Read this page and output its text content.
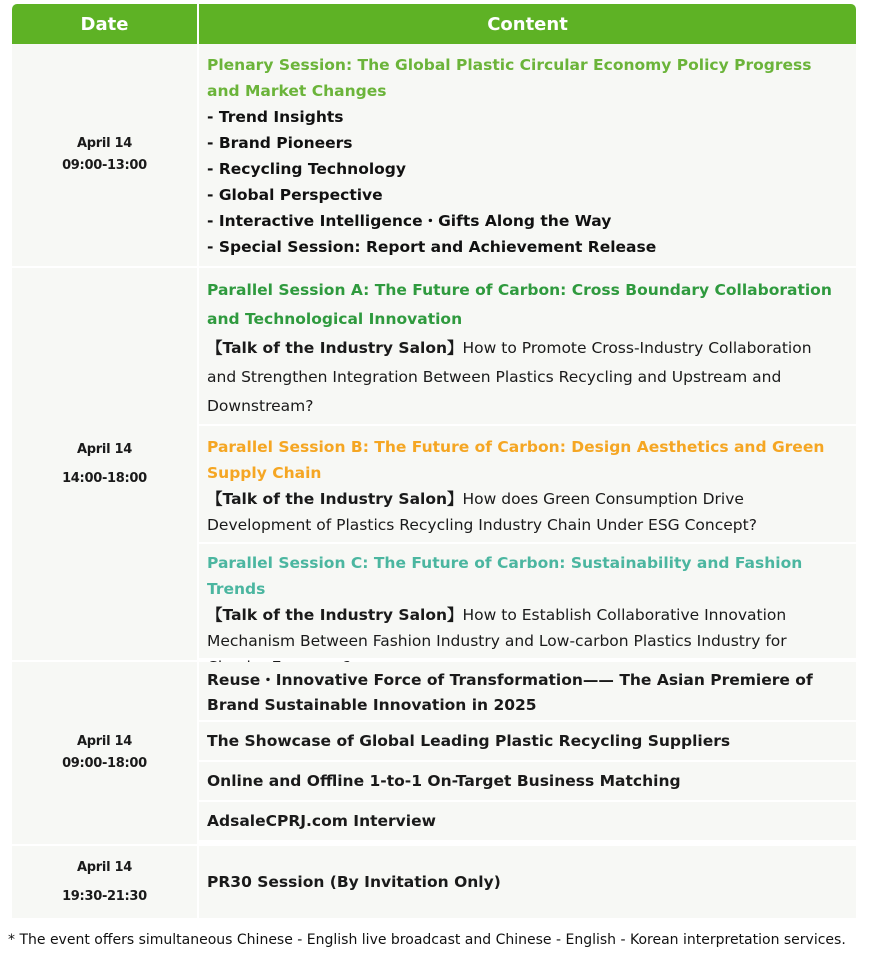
Date	Content
April 14
09:00-13:00
Plenary Session: The Global Plastic Circular Economy Policy Progress and Market Changes
- Trend Insights
- Brand Pioneers
- Recycling Technology
- Global Perspective
- Interactive Intelligence・Gifts Along the Way
- Special Session: Report and Achievement Release
April 14
14:00-18:00
Parallel Session A: The Future of Carbon: Cross Boundary Collaboration and Technological Innovation
【Talk of the Industry Salon】How to Promote Cross-Industry Collaboration and Strengthen Integration Between Plastics Recycling and Upstream and Downstream?
Parallel Session B: The Future of Carbon: Design Aesthetics and Green Supply Chain
【Talk of the Industry Salon】How does Green Consumption Drive Development of Plastics Recycling Industry Chain Under ESG Concept?
Parallel Session C: The Future of Carbon: Sustainability and Fashion Trends
【Talk of the Industry Salon】How to Establish Collaborative Innovation Mechanism Between Fashion Industry and Low-carbon Plastics Industry for
April 14
09:00-18:00
Reuse・Innovative Force of Transformation—— The Asian Premiere of Brand Sustainable Innovation in 2025
The Showcase of Global Leading Plastic Recycling Suppliers
Online and Offline 1-to-1 On-Target Business Matching
AdsaleCPRJ.com Interview
April 14
19:30-21:30
PR30 Session (By Invitation Only)
* The event offers simultaneous Chinese - English live broadcast and Chinese - English - Korean interpretation services.
